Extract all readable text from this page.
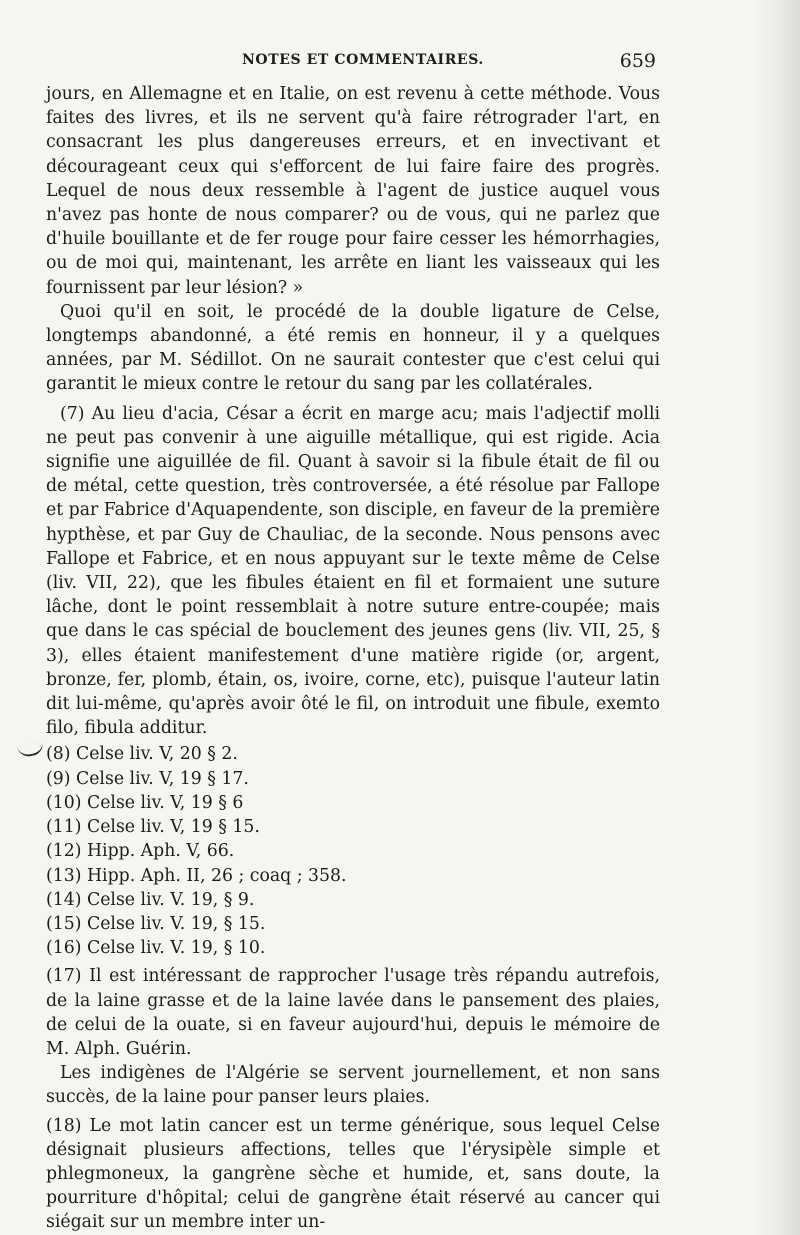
NOTES ET COMMENTAIRES.	659

jours, en Allemagne et en Italie, on est revenu à cette méthode. Vous faites des livres, et ils ne servent qu'à faire rétrograder l'art, en consacrant les plus dangereuses erreurs, et en invectivant et décourageant ceux qui s'efforcent de lui faire faire des progrès. Lequel de nous deux ressemble à l'agent de justice auquel vous n'avez pas honte de nous comparer? ou de vous, qui ne parlez que d'huile bouillante et de fer rouge pour faire cesser les hémorrhagies, ou de moi qui, maintenant, les arrête en liant les vaisseaux qui les fournissent par leur lésion? »

Quoi qu'il en soit, le procédé de la double ligature de Celse, longtemps abandonné, a été remis en honneur, il y a quelques années, par M. Sédillot. On ne saurait contester que c'est celui qui garantit le mieux contre le retour du sang par les collatérales.

(7) Au lieu d'acia, César a écrit en marge acu; mais l'adjectif molli ne peut pas convenir à une aiguille métallique, qui est rigide. Acia signifie une aiguillée de fil. Quant à savoir si la fibule était de fil ou de métal, cette question, très controversée, a été résolue par Fallope et par Fabrice d'Aquapendente, son disciple, en faveur de la première hypthèse, et par Guy de Chauliac, de la seconde. Nous pensons avec Fallope et Fabrice, et en nous appuyant sur le texte même de Celse (liv. VII, 22), que les fibules étaient en fil et formaient une suture lâche, dont le point ressemblait à notre suture entre-coupée; mais que dans le cas spécial de bouclement des jeunes gens (liv. VII, 25, § 3), elles étaient manifestement d'une matière rigide (or, argent, bronze, fer, plomb, étain, os, ivoire, corne, etc), puisque l'auteur latin dit lui-même, qu'après avoir ôté le fil, on introduit une fibule, exemto filo, fibula additur.

(8) Celse liv. V, 20 § 2.
(9) Celse liv. V, 19 § 17.
(10) Celse liv. V, 19 § 6
(11) Celse liv. V, 19 § 15.
(12) Hipp. Aph. V, 66.
(13) Hipp. Aph. II, 26 ; coaq ; 358.
(14) Celse liv. V. 19, § 9.
(15) Celse liv. V. 19, § 15.
(16) Celse liv. V. 19, § 10.

(17) Il est intéressant de rapprocher l'usage très répandu autrefois, de la laine grasse et de la laine lavée dans le pansement des plaies, de celui de la ouate, si en faveur aujourd'hui, depuis le mémoire de M. Alph. Guérin.

Les indigènes de l'Algérie se servent journellement, et non sans succès, de la laine pour panser leurs plaies.

(18) Le mot latin cancer est un terme générique, sous lequel Celse désignait plusieurs affections, telles que l'érysipèle simple et phlegmoneux, la gangrène sèche et humide, et, sans doute, la pourriture d'hôpital; celui de gangrène était réservé au cancer qui siégait sur un membre inter un-
